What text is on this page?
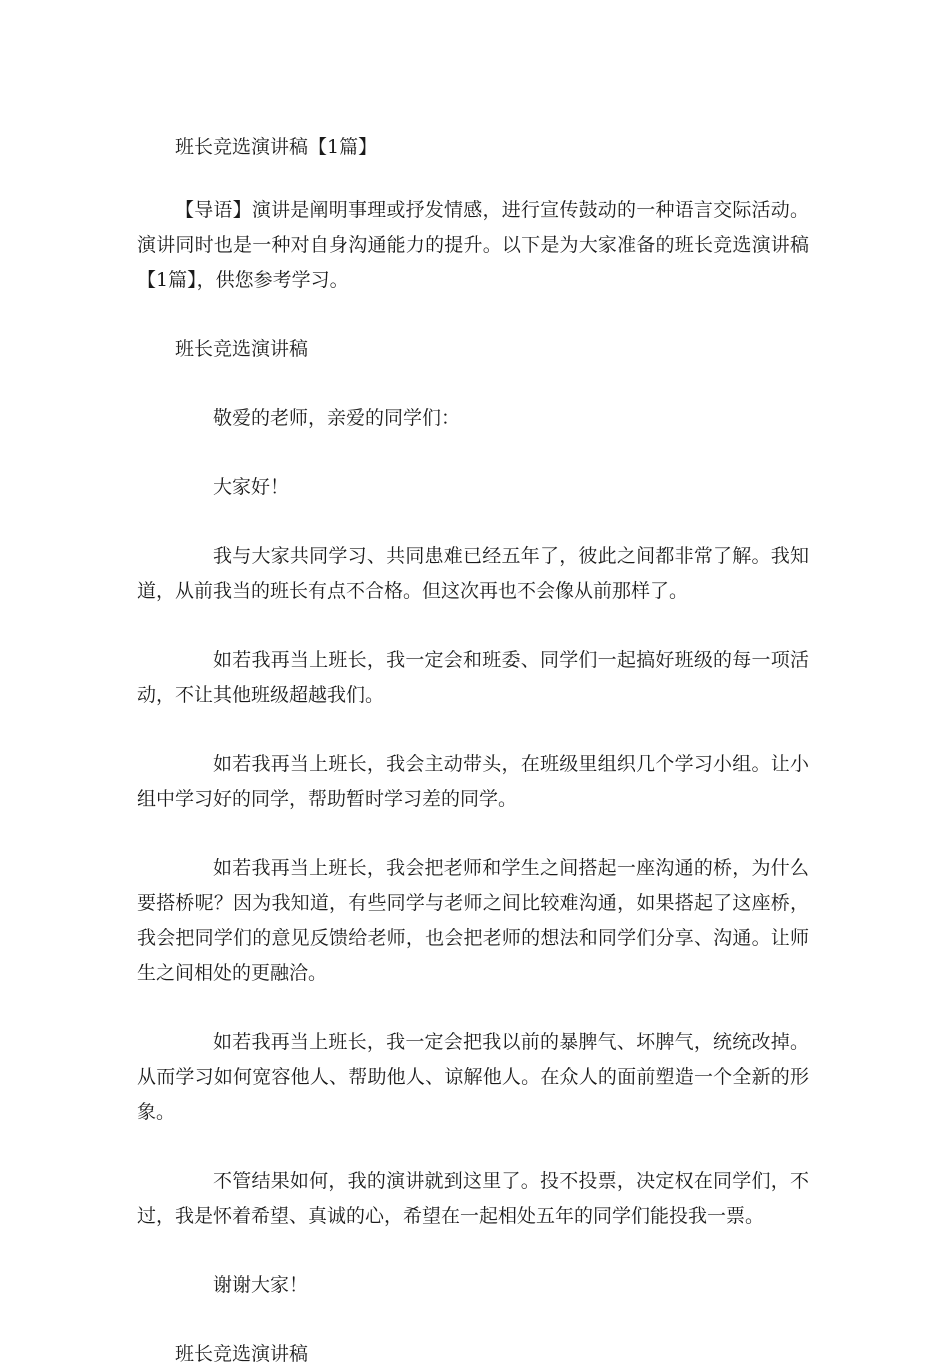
班长竞选演讲稿【1篇】

【导语】演讲是阐明事理或抒发情感，进行宣传鼓动的一种语言交际活动。演讲同时也是一种对自身沟通能力的提升。以下是为大家准备的班长竞选演讲稿【1篇】，供您参考学习。

班长竞选演讲稿

敬爱的老师，亲爱的同学们：

大家好！

我与大家共同学习、共同患难已经五年了，彼此之间都非常了解。我知道，从前我当的班长有点不合格。但这次再也不会像从前那样了。

如若我再当上班长，我一定会和班委、同学们一起搞好班级的每一项活动，不让其他班级超越我们。

如若我再当上班长，我会主动带头，在班级里组织几个学习小组。让小组中学习好的同学，帮助暂时学习差的同学。

如若我再当上班长，我会把老师和学生之间搭起一座沟通的桥，为什么要搭桥呢？因为我知道，有些同学与老师之间比较难沟通，如果搭起了这座桥，我会把同学们的意见反馈给老师，也会把老师的想法和同学们分享、沟通。让师生之间相处的更融洽。

如若我再当上班长，我一定会把我以前的暴脾气、坏脾气，统统改掉。从而学习如何宽容他人、帮助他人、谅解他人。在众人的面前塑造一个全新的形象。

不管结果如何，我的演讲就到这里了。投不投票，决定权在同学们，不过，我是怀着希望、真诚的心，希望在一起相处五年的同学们能投我一票。

谢谢大家！

班长竞选演讲稿
